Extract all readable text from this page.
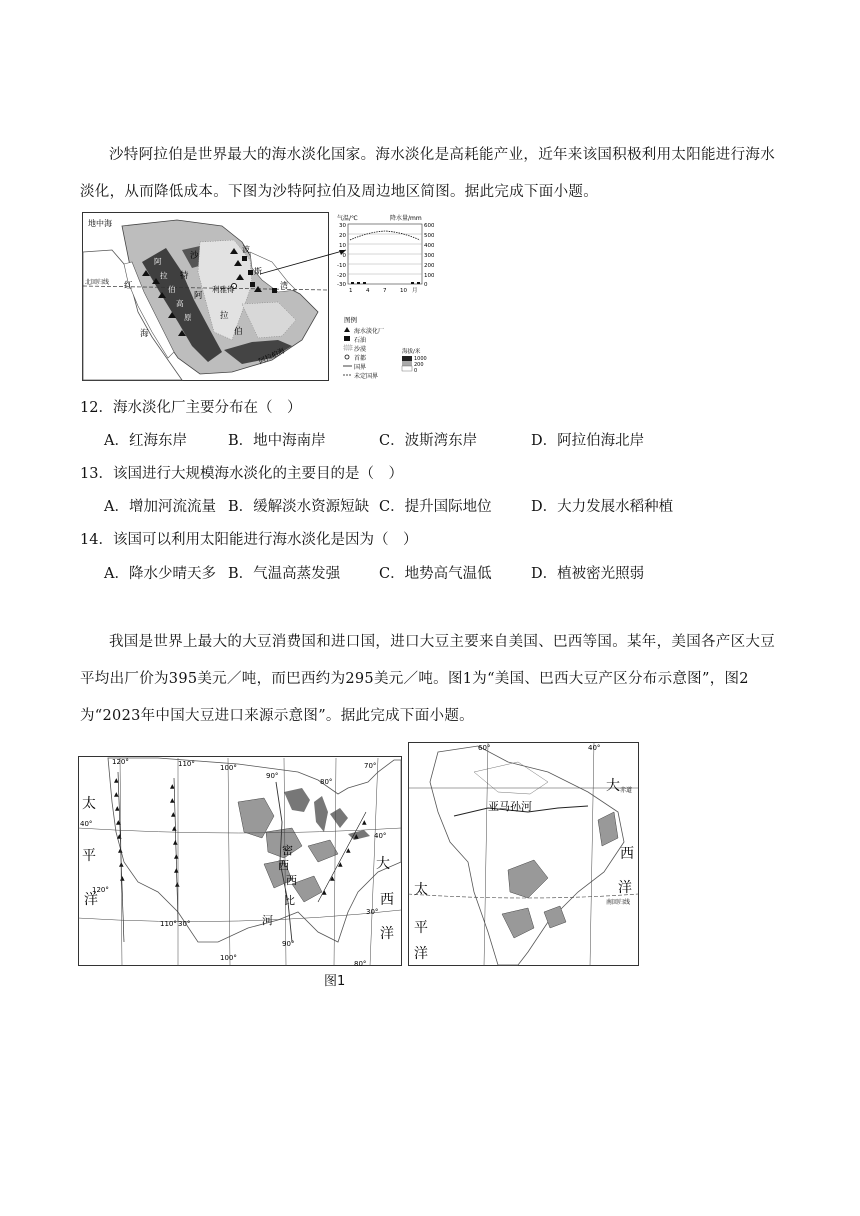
沙特阿拉伯是世界最大的海水淡化国家。海水淡化是高耗能产业，近年来该国积极利用太阳能进行海水淡化，从而降低成本。下图为沙特阿拉伯及周边地区简图。据此完成下面小题。

地中海
红
海
北回归线
沙
特
阿
拉
伯
利雅得
波
斯
湾
阿拉伯海
阿
拉
伯
高
原
气温/℃	降水量/mm
30
20
10
0
-10
-20
-30
600
500
400
300
200
100
0
1 4 7 10 月
图例
海水淡化厂
石油
沙漠
首都
国界
未定国界
海拔/米
1000
200
0

12．海水淡化厂主要分布在（　）

A．红海东岸	B．地中海南岸	C．波斯湾东岸	D．阿拉伯海北岸

13．该国进行大规模海水淡化的主要目的是（　）

A．增加河流流量 B．缓解淡水资源短缺 C．提升国际地位	D．大力发展水稻种植

14．该国可以利用太阳能进行海水淡化是因为（　）

A．降水少晴天多 B．气温高蒸发强	C．地势高气温低	D．植被密光照弱

我国是世界上最大的大豆消费国和进口国，进口大豆主要来自美国、巴西等国。某年，美国各产区大豆平均出厂价为395美元／吨，而巴西约为295美元／吨。图1为“美国、巴西大豆产区分布示意图”，图2为“2023年中国大豆进口来源示意图”。据此完成下面小题。

▲
▲
▲
▲
▲
▲
▲
▲
▲
▲
▲
▲
▲
▲
▲
▲
▲
▲
▲
▲
▲
▲
120°	110°	100°
90°
80°
70°
40°
40°
30°
120°
110° 30°
100°
90°
80°
太
平
洋
大
西
洋
密
西
西
比
河
60°	40°
亚马孙河
赤道
南回归线
大
西
洋
太
平
洋
图1
